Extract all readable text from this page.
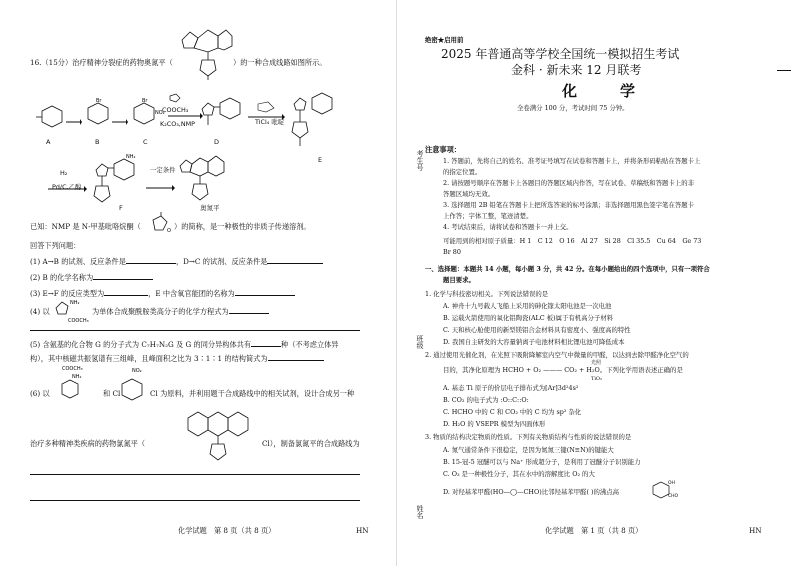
16.（15分）治疗精神分裂症的药物奥氮平（	）的一种合成线路如图所示。
Br	Br
NO₂
COOCH₃
K₂CO₃,NMP	TiCl₄ 吡啶
A	B	C	D
E
H₂
Pd/C,乙醇
NH₂
F
一定条件
奥氮平
已知：NMP 是 N-甲基吡咯烷酮（	O ）的简称，是一种极性的非质子传递溶剂。
回答下列问题：
(1) A→B 的试剂、反应条件是	，D→C 的试剂、反应条件是
(2) B 的化学名称为
(3) E→F 的反应类型为	，E 中含氧官能团的名称为
(4) 以
NH₂
COOCH₃
为单体合成聚酰胺类高分子的化学方程式为
(5) 含氨基的化合物 G 的分子式为 C₇H₇N₂G 及 G 的同分异构体共有	种（不考虑立体异
构），其中核磁共振氢谱有三组峰，且峰面积之比为 3∶1∶1 的结构简式为
COOCH₃
NH₂
(6) 以	和 Cl
NO₂
Cl 为原料，并利用题干合成路线中的相关试剂，设计合成另一种
治疗多种精神类疾病的药物氯氮平（	Cl），制备氯氮平的合成路线为
化学试题　第 8 页（共 8 页）	HN
考生号
班级
姓名
绝密★启用前
2025 年普通高等学校全国统一模拟招生考试
金科 · 新未来 12 月联考
化　学
全卷满分 100 分，考试时间 75 分钟。
注意事项：
1. 答题前，先将自己的姓名、准考证号填写在试卷和答题卡上，并将条形码粘贴在答题卡上
的指定位置。
2. 请按题号顺序在答题卡上各题目的答题区域内作答，写在试卷、草稿纸和答题卡上的非
答题区域均无效。
3. 选择题用 2B 铅笔在答题卡上把所选答案的标号涂黑；非选择题用黑色签字笔在答题卡
上作答；字体工整，笔迹清楚。
4. 考试结束后，请将试卷和答题卡一并上交。
可能用到的相对原子质量：H 1　C 12　O 16　Al 27　Si 28　Cl 35.5　Cu 64　Ge 73
Br 80
一、选择题：本题共 14 小题，每小题 3 分，共 42 分。在每小题给出的四个选项中，只有一项符合
题目要求。
1. 化学与科技密切相关。下列说法错误的是
A. 神舟十九号载人飞船上采用的砷化镓太阳电池是一次电池
B. 运载火箭使用的氧化铝陶瓷(ALC 板)属于有机高分子材料
C. 天和核心舱使用的新型镁铝合金材料具有密度小、强度高的特性
D. 我国自主研发的大容量钠离子电池材料相比锂电池可降低成本
2. 通过使用光催化剂，在光照下吸附降解室内空气中微量的甲醛，以达到去除甲醛净化空气的
光照
目的，其净化原理为 HCHO + O₂ ——— CO₂ + H₂O。下列化学用语表述正确的是
TiO₂
A. 基态 Ti 原子的价层电子排布式为[Ar]3d²4s²
B. CO₂ 的电子式为 :O::C::O:
C. HCHO 中的 C 和 CO₂ 中的 C 均为 sp² 杂化
D. H₂O 的 VSEPR 模型为四面体形
3. 物质的结构决定物质的性质。下列有关物质结构与性质的说法错误的是
A. 氮气通常条件下很稳定，是因为氮氮三键(N≡N)的键能大
B. 15-冠-5 冠醚可以与 Na⁺ 形成超分子，是利用了冠醚分子识别能力
C. O₃ 是一种极性分子，其在水中的溶解度比 O₂ 的大
D. 对羟基苯甲醛(HO—◯—CHO)比邻羟基苯甲醛( )的沸点高
OH
CHO
化学试题　第 1 页（共 8 页）	HN
